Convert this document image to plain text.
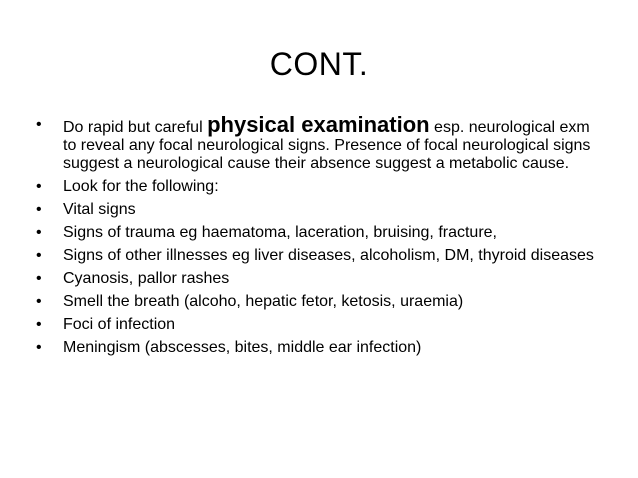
CONT.
• Do rapid but careful physical examination esp. neurological exm to reveal any focal neurological signs. Presence of focal neurological signs suggest a neurological cause their absence suggest a metabolic cause.
• Look for the following:
• Vital signs
• Signs of trauma eg haematoma, laceration, bruising, fracture,
• Signs of other illnesses eg liver diseases, alcoholism, DM, thyroid diseases
• Cyanosis, pallor rashes
• Smell the breath (alcoho, hepatic fetor, ketosis, uraemia)
• Foci of infection
• Meningism (abscesses, bites, middle ear infection)
